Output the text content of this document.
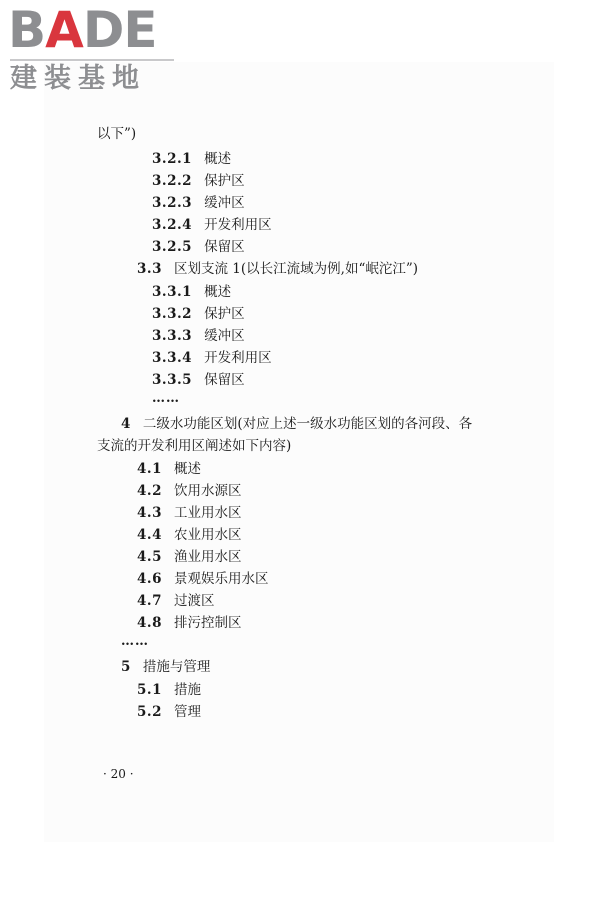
BADE
建装基地
以下”)
3.2.1 概述
3.2.2 保护区
3.2.3 缓冲区
3.2.4 开发利用区
3.2.5 保留区
3.3 区划支流 1(以长江流域为例,如“岷沱江”)
3.3.1 概述
3.3.2 保护区
3.3.3 缓冲区
3.3.4 开发利用区
3.3.5 保留区
……
4 二级水功能区划(对应上述一级水功能区划的各河段、各
支流的开发利用区阐述如下内容)
4.1 概述
4.2 饮用水源区
4.3 工业用水区
4.4 农业用水区
4.5 渔业用水区
4.6 景观娱乐用水区
4.7 过渡区
4.8 排污控制区
……
5 措施与管理
5.1 措施
5.2 管理
· 20 ·
